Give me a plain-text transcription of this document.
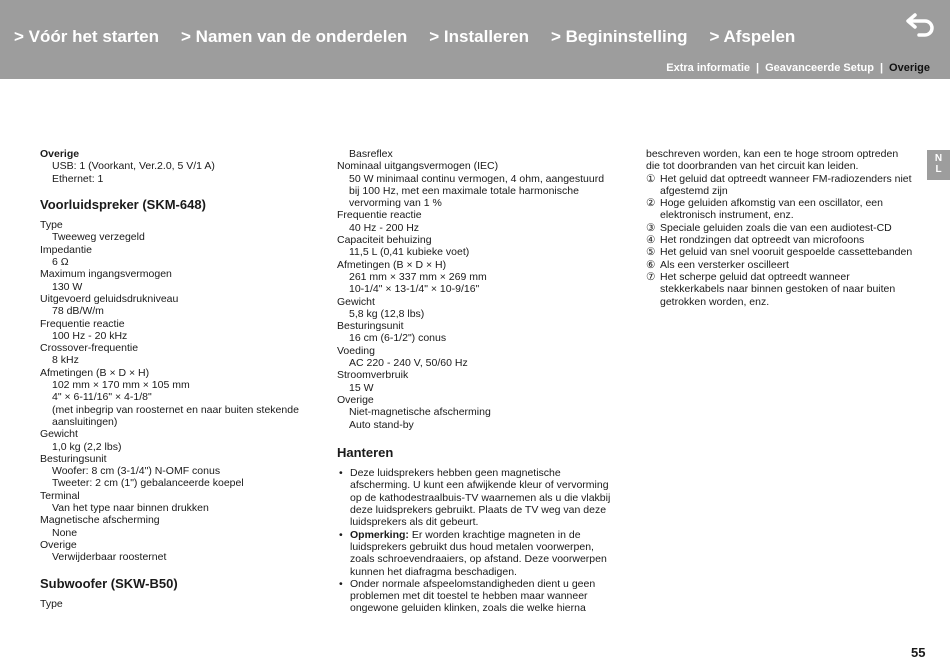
> Vóór het starten > Namen van de onderdelen > Installeren > Begininstelling > Afspelen
Extra informatie | Geavanceerde Setup | Overige
N
L
Overige
USB: 1 (Voorkant, Ver.2.0, 5 V/1 A)
Ethernet: 1
Voorluidspreker (SKM-648)
Type
Tweeweg verzegeld
Impedantie
6 Ω
Maximum ingangsvermogen
130 W
Uitgevoerd geluidsdrukniveau
78 dB/W/m
Frequentie reactie
100 Hz - 20 kHz
Crossover-frequentie
8 kHz
Afmetingen (B × D × H)
102 mm × 170 mm × 105 mm
4" × 6-11/16" × 4-1/8"
(met inbegrip van roosternet en naar buiten stekende aansluitingen)
Gewicht
1,0 kg (2,2 lbs)
Besturingsunit
Woofer: 8 cm (3-1/4") N-OMF conus
Tweeter: 2 cm (1") gebalanceerde koepel
Terminal
Van het type naar binnen drukken
Magnetische afscherming
None
Overige
Verwijderbaar roosternet
Subwoofer (SKW-B50)
Type
Basreflex
Nominaal uitgangsvermogen (IEC)
50 W minimaal continu vermogen, 4 ohm, aangestuurd bij 100 Hz, met een maximale totale harmonische vervorming van 1 %
Frequentie reactie
40 Hz - 200 Hz
Capaciteit behuizing
11,5 L (0,41 kubieke voet)
Afmetingen (B × D × H)
261 mm × 337 mm × 269 mm
10-1/4" × 13-1/4" × 10-9/16"
Gewicht
5,8 kg (12,8 lbs)
Besturingsunit
16 cm (6-1/2") conus
Voeding
AC 220 - 240 V, 50/60 Hz
Stroomverbruik
15 W
Overige
Niet-magnetische afscherming
Auto stand-by
Hanteren
• Deze luidsprekers hebben geen magnetische afscherming. U kunt een afwijkende kleur of vervorming op de kathodestraalbuis-TV waarnemen als u die vlakbij deze luidsprekers gebruikt. Plaats de TV weg van deze luidsprekers als dit gebeurt.
• Opmerking: Er worden krachtige magneten in de luidsprekers gebruikt dus houd metalen voorwerpen, zoals schroevendraaiers, op afstand. Deze voorwerpen kunnen het diafragma beschadigen.
• Onder normale afspeelomstandigheden dient u geen problemen met dit toestel te hebben maar wanneer ongewone geluiden klinken, zoals die welke hierna
beschreven worden, kan een te hoge stroom optreden die tot doorbranden van het circuit kan leiden.
① Het geluid dat optreedt wanneer FM-radiozenders niet afgestemd zijn
② Hoge geluiden afkomstig van een oscillator, een elektronisch instrument, enz.
③ Speciale geluiden zoals die van een audiotest-CD
④ Het rondzingen dat optreedt van microfoons
⑤ Het geluid van snel vooruit gespoelde cassettebanden
⑥ Als een versterker oscilleert
⑦ Het scherpe geluid dat optreedt wanneer stekkerkabels naar binnen gestoken of naar buiten getrokken worden, enz.
55
